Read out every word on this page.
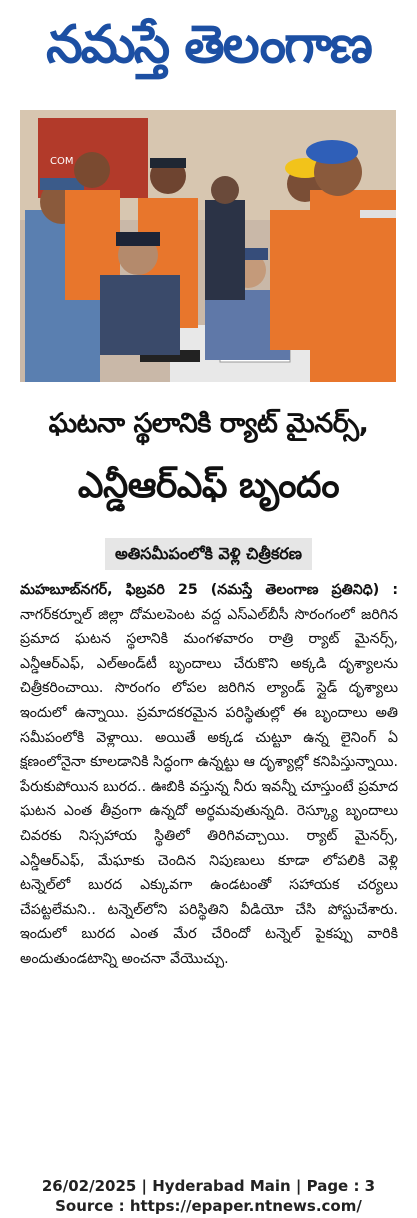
నమస్తే తెలంగాణ
COM
ఘటనా స్థలానికి ర్యాట్ మైనర్స్,
ఎన్డీఆర్ఎఫ్ బృందం
అతిసమీపంలోకి వెళ్లి చిత్రీకరణ
మహబూబ్‌నగర్, ఫిబ్రవరి 25 (నమస్తే తెలంగాణ ప్రతినిధి) : నాగర్‌కర్నూల్ జిల్లా దోమలపెంట వద్ద ఎస్‌ఎల్‌బీసీ సొరంగంలో జరిగిన ప్రమాద ఘటన స్థలానికి మంగళవారం రాత్రి ర్యాట్ మైనర్స్, ఎన్డీఆర్‌ఎఫ్, ఎల్‌అండ్‌టీ బృందాలు చేరుకొని అక్కడి దృశ్యాలను చిత్రీకరించాయి. సొరంగం లోపల జరిగిన ల్యాండ్ స్లైడ్ దృశ్యాలు ఇందులో ఉన్నాయి. ప్రమాదకరమైన పరిస్థితుల్లో ఈ బృందాలు అతి సమీపంలోకి వెళ్లాయి. అయితే అక్కడ చుట్టూ ఉన్న లైనింగ్ ఏ క్షణంలోనైనా కూలడానికి సిద్ధంగా ఉన్నట్టు ఆ దృశ్యాల్లో కనిపిస్తున్నాయి. పేరుకుపోయిన బురద.. ఊబికి వస్తున్న నీరు ఇవన్నీ చూస్తుంటే ప్రమాద ఘటన ఎంత తీవ్రంగా ఉన్నదో అర్థమవుతున్నది. రెస్క్యూ బృందాలు చివరకు నిస్సహాయ స్థితిలో తిరిగివచ్చాయి. ర్యాట్ మైనర్స్, ఎన్డీఆర్‌ఎఫ్, మేఘాకు చెందిన నిపుణులు కూడా లోపలికి వెళ్లి టన్నెల్‌లో బురద ఎక్కువగా ఉండటంతో సహాయక చర్యలు చేపట్టలేమని.. టన్నెల్‌లోని పరిస్థితిని వీడియో చేసి పోస్టుచేశారు. ఇందులో బురద ఎంత మేర చేరిందో టన్నెల్ పైకప్పు వారికి అందుతుండటాన్ని అంచనా వేయొచ్చు.
26/02/2025 | Hyderabad Main | Page : 3
Source : https://epaper.ntnews.com/
